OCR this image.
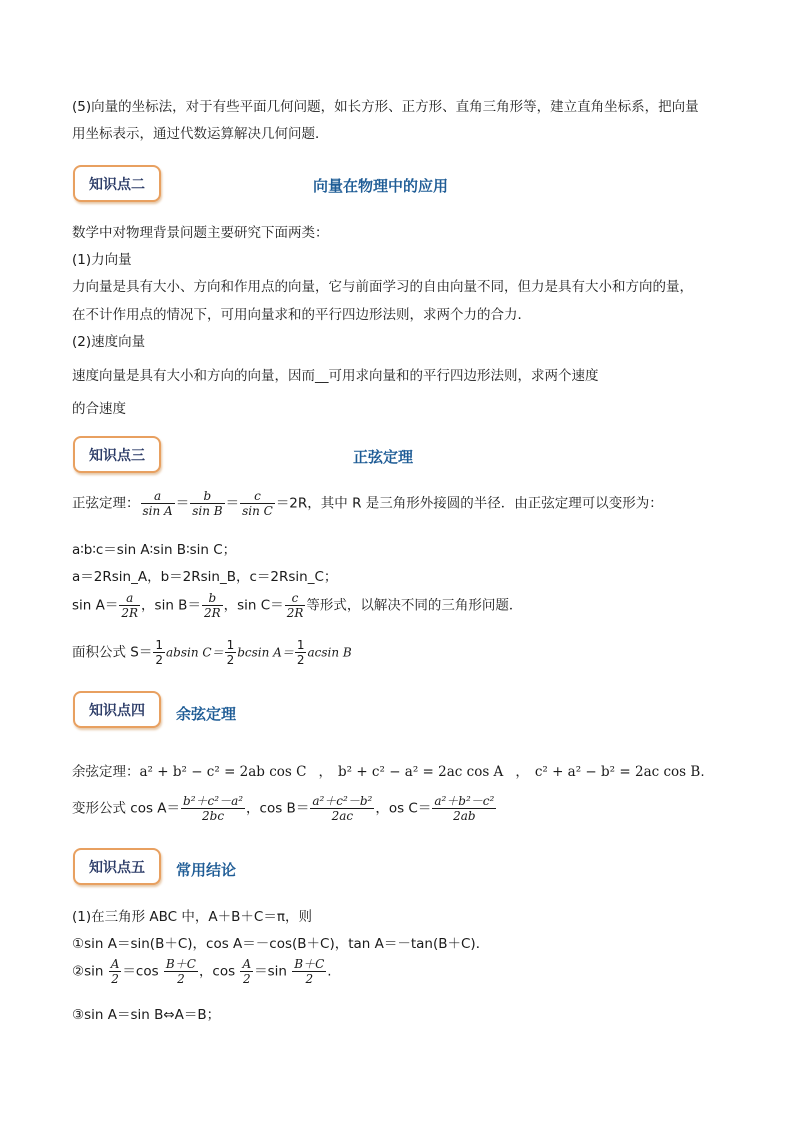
(5)向量的坐标法，对于有些平面几何问题，如长方形、正方形、直角三角形等，建立直角坐标系，把向量
用坐标表示，通过代数运算解决几何问题．
知识点二	向量在物理中的应用
数学中对物理背景问题主要研究下面两类：
(1)力向量
力向量是具有大小、方向和作用点的向量，它与前面学习的自由向量不同，但力是具有大小和方向的量，
在不计作用点的情况下，可用向量求和的平行四边形法则，求两个力的合力．
(2)速度向量
速度向量是具有大小和方向的向量，因而__可用求向量和的平行四边形法则，求两个速度
的合速度
知识点三	正弦定理
正弦定理： $\frac{a}{\text{sin A}} = \frac{b}{\text{sin B}} = \frac{c}{\text{sin C}} =2R$，其中 R 是三角形外接圆的半径．由正弦定理可以变形为：
a∶b∶c＝sin A∶sin B∶sin C；
a＝2Rsin_A，b＝2Rsin_B，c＝2Rsin_C；
$\sin A= \frac{a}{2R}$ ，$\sin B= \frac{b}{2R}$ ，$\sin C= \frac{c}{2R}$ 等形式，以解决不同的三角形问题．
面积公式 $S= \frac{1}{2}$ absin $C= \frac{1}{2}$ bcsin $A= \frac{1}{2}$ acsin B
知识点四	余弦定理
余弦定理：a² + b² − c² = 2ab cos C ， b² + c² − a² = 2ac cos A ， c² + a² − b² = 2ac cos B.
变形公式 $\cos A= \frac{\text{b²＋c²－a²}}{2bc}$ ，$\cos B= \frac{\text{a²＋c²－b²}}{2ac}$ ，os $C= \frac{\text{a²＋b²－c²}}{2ab}$
知识点五	常用结论
(1)在三角形 ABC 中，A＋B＋C＝π，则
①sin A＝sin(B＋C)，cos A＝－cos(B＋C)，tan A＝－tan(B＋C)．
②sin $\frac{A}{2} =\cos \frac{B+C}{2}$ ，$\cos \frac{A}{2} =\sin \frac{B+C}{2}$ .
③sin A＝sin B⇔A＝B；
